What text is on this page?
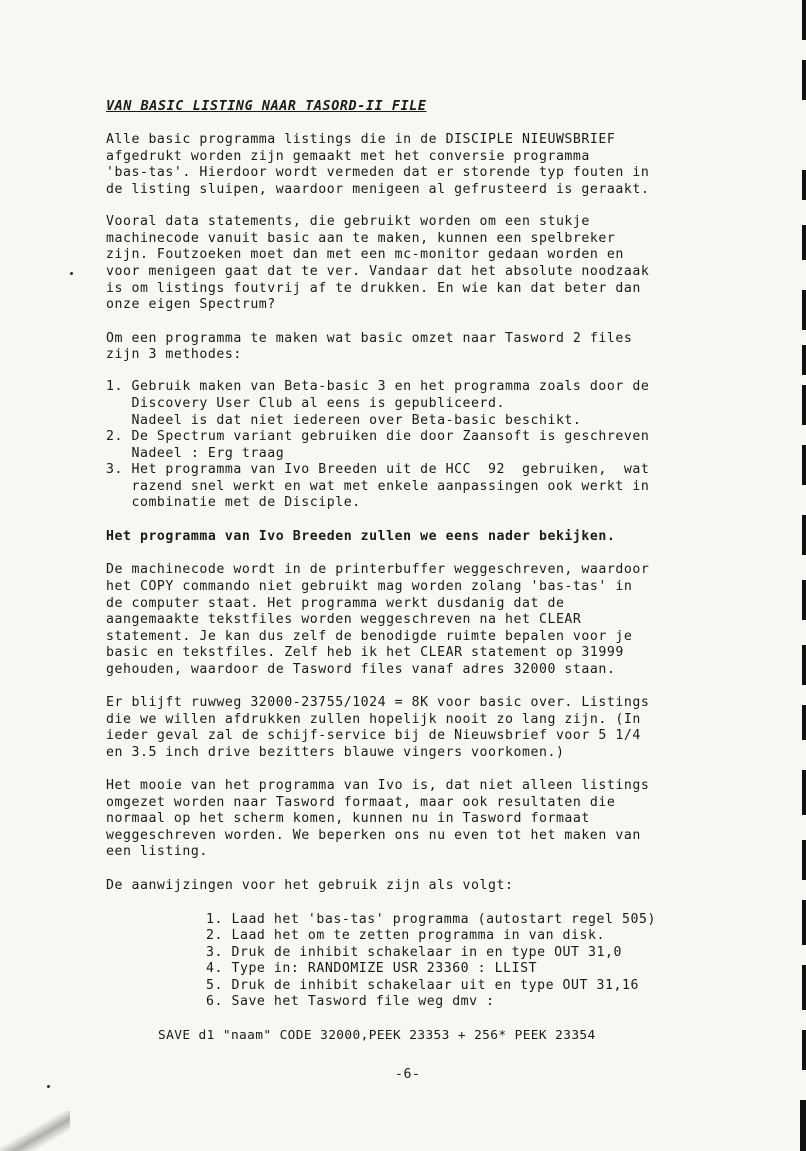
VAN BASIC LISTING NAAR TASORD-II FILE
Alle basic programma listings die in de DISCIPLE NIEUWSBRIEF
afgedrukt worden zijn gemaakt met het conversie programma
'bas-tas'. Hierdoor wordt vermeden dat er storende typ fouten in
de listing sluipen, waardoor menigeen al gefrusteerd is geraakt.
Vooral data statements, die gebruikt worden om een stukje
machinecode vanuit basic aan te maken, kunnen een spelbreker
zijn. Foutzoeken moet dan met een mc-monitor gedaan worden en
voor menigeen gaat dat te ver. Vandaar dat het absolute noodzaak
is om listings foutvrij af te drukken. En wie kan dat beter dan
onze eigen Spectrum?
Om een programma te maken wat basic omzet naar Tasword 2 files
zijn 3 methodes:
1. Gebruik maken van Beta-basic 3 en het programma zoals door de
Discovery User Club al eens is gepubliceerd.
Nadeel is dat niet iedereen over Beta-basic beschikt.
2. De Spectrum variant gebruiken die door Zaansoft is geschreven
Nadeel : Erg traag
3. Het programma van Ivo Breeden uit de HCC  92  gebruiken,  wat
razend snel werkt en wat met enkele aanpassingen ook werkt in
combinatie met de Disciple.
Het programma van Ivo Breeden zullen we eens nader bekijken.
De machinecode wordt in de printerbuffer weggeschreven, waardoor
het COPY commando niet gebruikt mag worden zolang 'bas-tas' in
de computer staat. Het programma werkt dusdanig dat de
aangemaakte tekstfiles worden weggeschreven na het CLEAR
statement. Je kan dus zelf de benodigde ruimte bepalen voor je
basic en tekstfiles. Zelf heb ik het CLEAR statement op 31999
gehouden, waardoor de Tasword files vanaf adres 32000 staan.
Er blijft ruwweg 32000-23755/1024 = 8K voor basic over. Listings
die we willen afdrukken zullen hopelijk nooit zo lang zijn. (In
ieder geval zal de schijf-service bij de Nieuwsbrief voor 5 1/4
en 3.5 inch drive bezitters blauwe vingers voorkomen.)
Het mooie van het programma van Ivo is, dat niet alleen listings
omgezet worden naar Tasword formaat, maar ook resultaten die
normaal op het scherm komen, kunnen nu in Tasword formaat
weggeschreven worden. We beperken ons nu even tot het maken van
een listing.
De aanwijzingen voor het gebruik zijn als volgt:
1. Laad het 'bas-tas' programma (autostart regel 505)
2. Laad het om te zetten programma in van disk.
3. Druk de inhibit schakelaar in en type OUT 31,0
4. Type in: RANDOMIZE USR 23360 : LLIST
5. Druk de inhibit schakelaar uit en type OUT 31,16
6. Save het Tasword file weg dmv :
SAVE d1 "naam" CODE 32000,PEEK 23353 + 256* PEEK 23354
-6-
